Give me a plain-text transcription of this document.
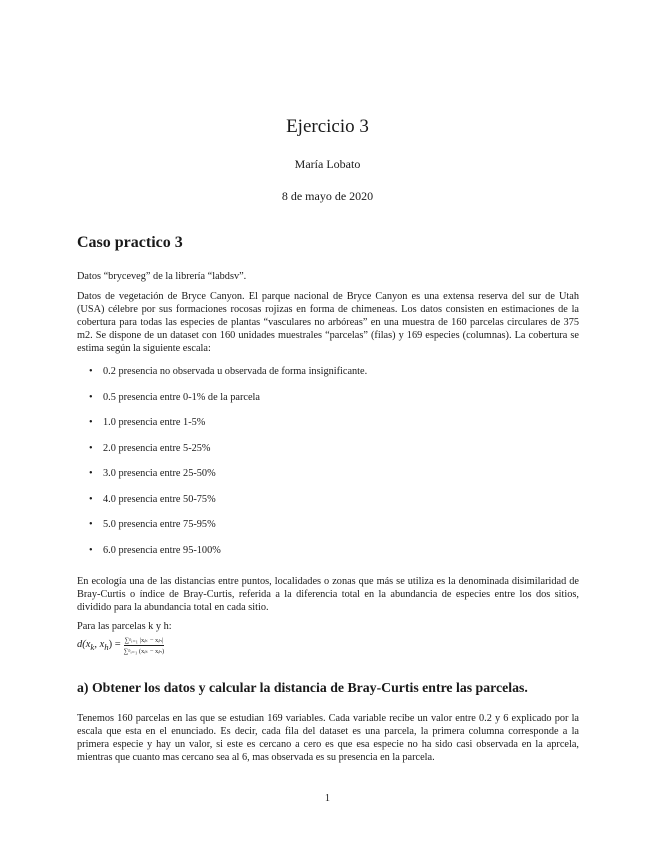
Ejercicio 3
María Lobato
8 de mayo de 2020
Caso practico 3

Datos “bryceveg” de la librería “labdsv”.

Datos de vegetación de Bryce Canyon. El parque nacional de Bryce Canyon es una extensa reserva del sur de Utah (USA) célebre por sus formaciones rocosas rojizas en forma de chimeneas. Los datos consisten en estimaciones de la cobertura para todas las especies de plantas “vasculares no arbóreas” en una muestra de 160 parcelas circulares de 375 m2. Se dispone de un dataset con 160 unidades muestrales “parcelas” (filas) y 169 especies (columnas). La cobertura se estima según la siguiente escala:

• 0.2 presencia no observada u observada de forma insignificante.
• 0.5 presencia entre 0-1% de la parcela
• 1.0 presencia entre 1-5%
• 2.0 presencia entre 5-25%
• 3.0 presencia entre 25-50%
• 4.0 presencia entre 50-75%
• 5.0 presencia entre 75-95%
• 6.0 presencia entre 95-100%

En ecología una de las distancias entre puntos, localidades o zonas que más se utiliza es la denominada disimilaridad de Bray-Curtis o índice de Bray-Curtis, referida a la diferencia total en la abundancia de especies entre los dos sitios, dividido para la abundancia total en cada sitio.

Para las parcelas k y h:

$d(x_k$, $x_h) = \frac{\text{∑ᵖᵢ₌₁ |xᵢₖ − xᵢₕ|}}{\text{∑ᵖᵢ₌₁ (xᵢₖ − xᵢₕ)}}$
a) Obtener los datos y calcular la distancia de Bray-Curtis entre las parcelas.

Tenemos 160 parcelas en las que se estudian 169 variables. Cada variable recibe un valor entre 0.2 y 6 explicado por la escala que esta en el enunciado. Es decir, cada fila del dataset es una parcela, la primera columna corresponde a la primera especie y hay un valor, si este es cercano a cero es que esa especie no ha sido casi observada en la aprcela, mientras que cuanto mas cercano sea al 6, mas observada es su presencia en la parcela.

1
